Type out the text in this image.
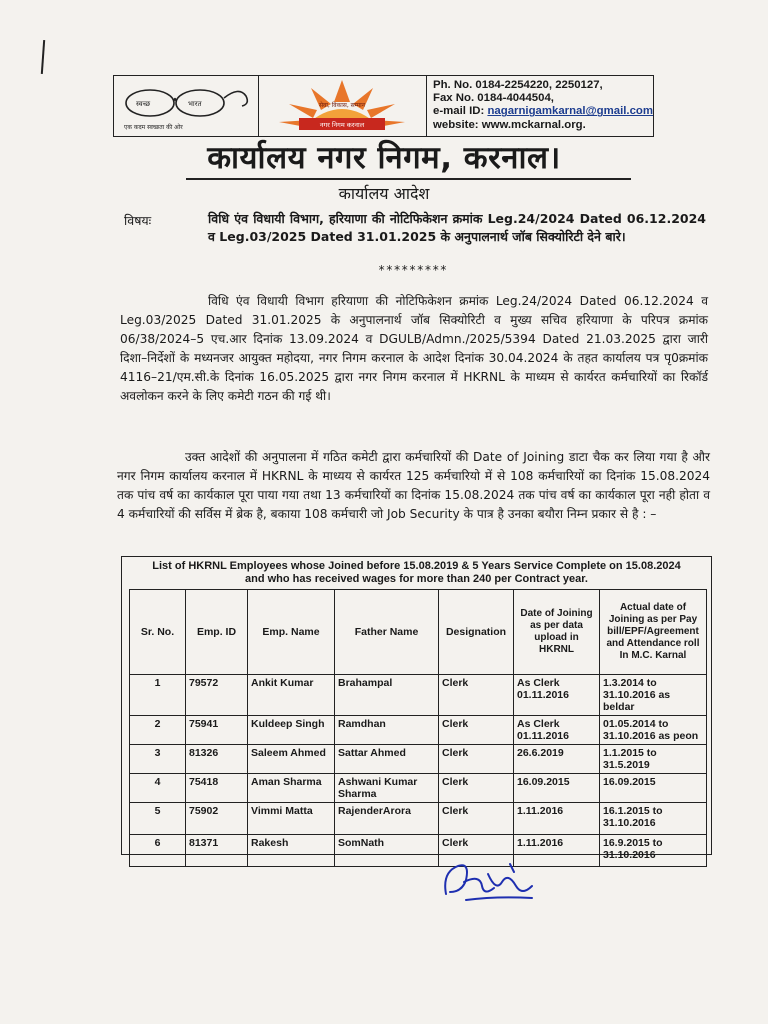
स्वच्छ	भारत
एक कदम स्वच्छता की ओर
सेवा, विकास, सम्मान
नगर निगम करनाल
Ph. No. 0184-2254220, 2250127,
Fax No. 0184-4044504,
e-mail ID: nagarnigamkarnal@gmail.com
website: www.mckarnal.org.
कार्यालय नगर निगम, करनाल।
कार्यालय आदेश
विषयः	विधि एंव विधायी विभाग, हरियाणा की नोटिफिकेशन क्रमांक Leg.24/2024 Dated 06.12.2024 व Leg.03/2025 Dated 31.01.2025 के अनुपालनार्थ जॉब सिक्योरिटी देने बारे।
*********
विधि एंव विधायी विभाग हरियाणा की नोटिफिकेशन क्रमांक Leg.24/2024 Dated 06.12.2024 व Leg.03/2025 Dated 31.01.2025 के अनुपालनार्थ जॉब सिक्योरिटी व मुख्य सचिव हरियाणा के परिपत्र क्रमांक 06/38/2024–5 एच.आर दिनांक 13.09.2024 व DGULB/Admn./2025/5394 Dated 21.03.2025 द्वारा जारी दिशा–निर्देशों के मध्यनजर आयुक्त महोदया, नगर निगम करनाल के आदेश दिनांक 30.04.2024 के तहत कार्यालय पत्र पृ0क्रमांक 4116–21/एम.सी.के दिनांक 16.05.2025 द्वारा नगर निगम करनाल में HKRNL के माध्यम से कार्यरत कर्मचारियों का रिकॉर्ड अवलोकन करने के लिए कमेटी गठन की गई थी।
उक्त आदेशों की अनुपालना में गठित कमेटी द्वारा कर्मचारियों की Date of Joining डाटा चैक कर लिया गया है और नगर निगम कार्यालय करनाल में HKRNL के माध्यय से कार्यरत 125 कर्मचारियो में से 108 कर्मचारियों का दिनांक 15.08.2024 तक पांच वर्ष का कार्यकाल पूरा पाया गया तथा 13 कर्मचारियों का दिनांक 15.08.2024 तक पांच वर्ष का कार्यकाल पूरा नही होता व 4 कर्मचारियों की सर्विस में ब्रेक है, बकाया 108 कर्मचारी जो Job Security के पात्र है उनका बयौरा निम्न प्रकार से है : –
List of HKRNL Employees whose Joined before 15.08.2019 & 5 Years Service Complete on 15.08.2024
and who has received wages for more than 240 per Contract year.
Sr. No.	Emp. ID	Emp. Name	Father Name	Designation	Date of Joining as per data upload in HKRNL	Actual date of Joining as per Pay bill/EPF/Agreement and Attendance roll In M.C. Karnal
1	79572	Ankit Kumar	Brahampal	Clerk	As Clerk 01.11.2016	1.3.2014 to 31.10.2016 as beldar
2	75941	Kuldeep Singh	Ramdhan	Clerk	As Clerk 01.11.2016	01.05.2014 to 31.10.2016 as peon
3	81326	Saleem Ahmed	Sattar Ahmed	Clerk	26.6.2019	1.1.2015 to 31.5.2019
4	75418	Aman Sharma	Ashwani Kumar Sharma	Clerk	16.09.2015	16.09.2015
5	75902	Vimmi Matta	RajenderArora	Clerk	1.11.2016	16.1.2015 to 31.10.2016
6	81371	Rakesh	SomNath	Clerk	1.11.2016	16.9.2015 to 31.10.2016
